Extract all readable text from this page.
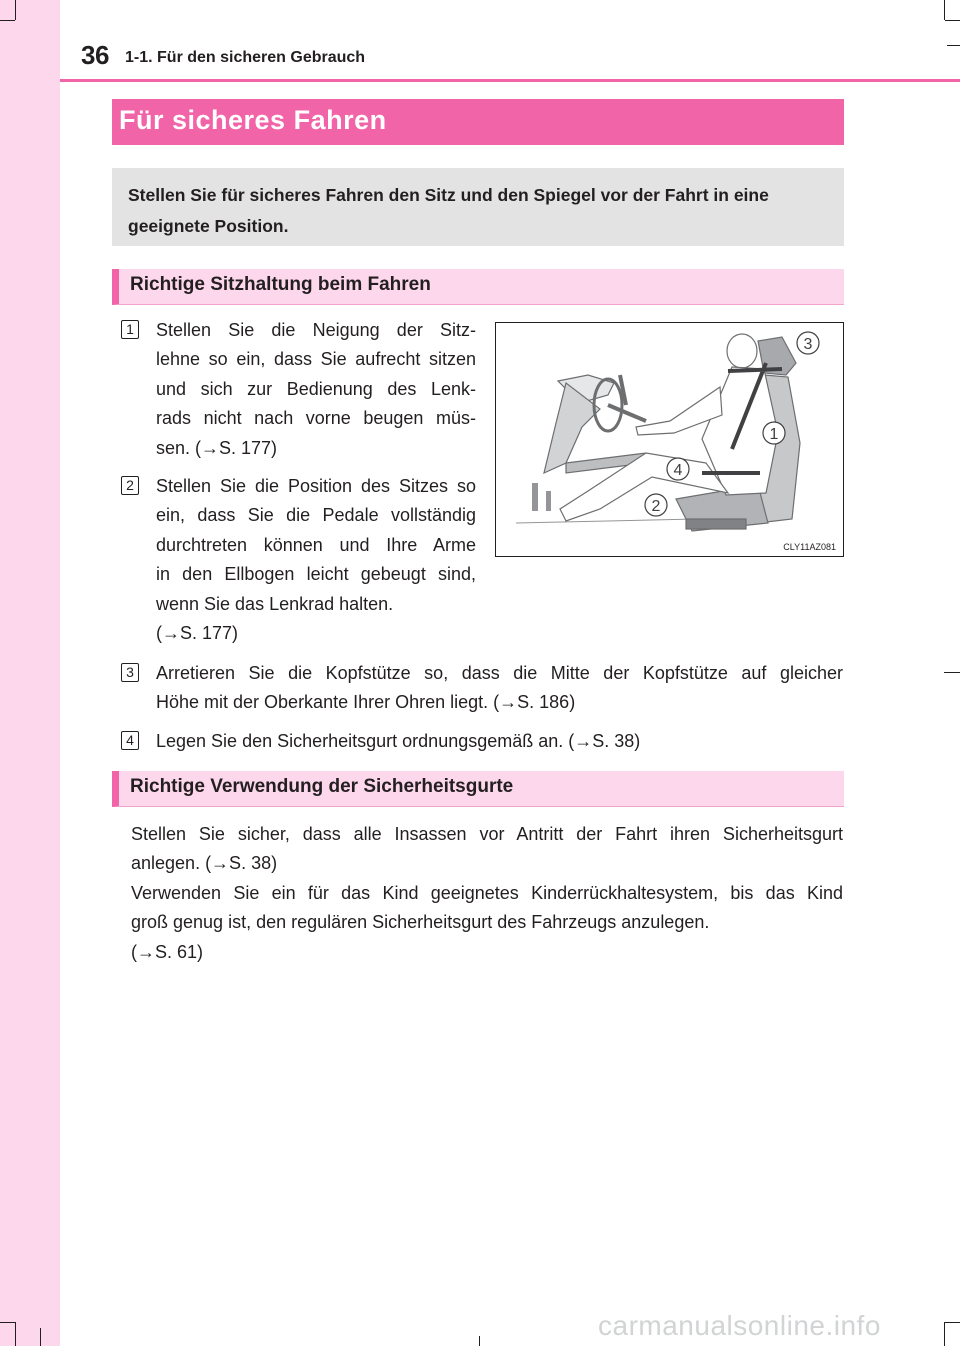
36 1-1. Für den sicheren Gebrauch
Für sicheres Fahren

Stellen Sie für sicheres Fahren den Sitz und den Spiegel vor der Fahrt in eine geeignete Position.

Richtige Sitzhaltung beim Fahren
1 Stellen Sie die Neigung der Sitz-
lehne so ein, dass Sie aufrecht sitzen
und sich zur Bedienung des Lenk-
rads nicht nach vorne beugen müs-
sen. (→S. 177)
2 Stellen Sie die Position des Sitzes so
ein, dass Sie die Pedale vollständig
durchtreten können und Ihre Arme
in den Ellbogen leicht gebeugt sind,
wenn Sie das Lenkrad halten.
(→S. 177)
3
1
4
2
CLY11AZ081
3 Arretieren Sie die Kopfstütze so, dass die Mitte der Kopfstütze auf gleicher
Höhe mit der Oberkante Ihrer Ohren liegt. (→S. 186)
4 Legen Sie den Sicherheitsgurt ordnungsgemäß an. (→S. 38)
Richtige Verwendung der Sicherheitsgurte
Stellen Sie sicher, dass alle Insassen vor Antritt der Fahrt ihren Sicherheitsgurt
anlegen. (→S. 38)
Verwenden Sie ein für das Kind geeignetes Kinderrückhaltesystem, bis das Kind
groß genug ist, den regulären Sicherheitsgurt des Fahrzeugs anzulegen.
(→S. 61)
carmanualsonline.info
